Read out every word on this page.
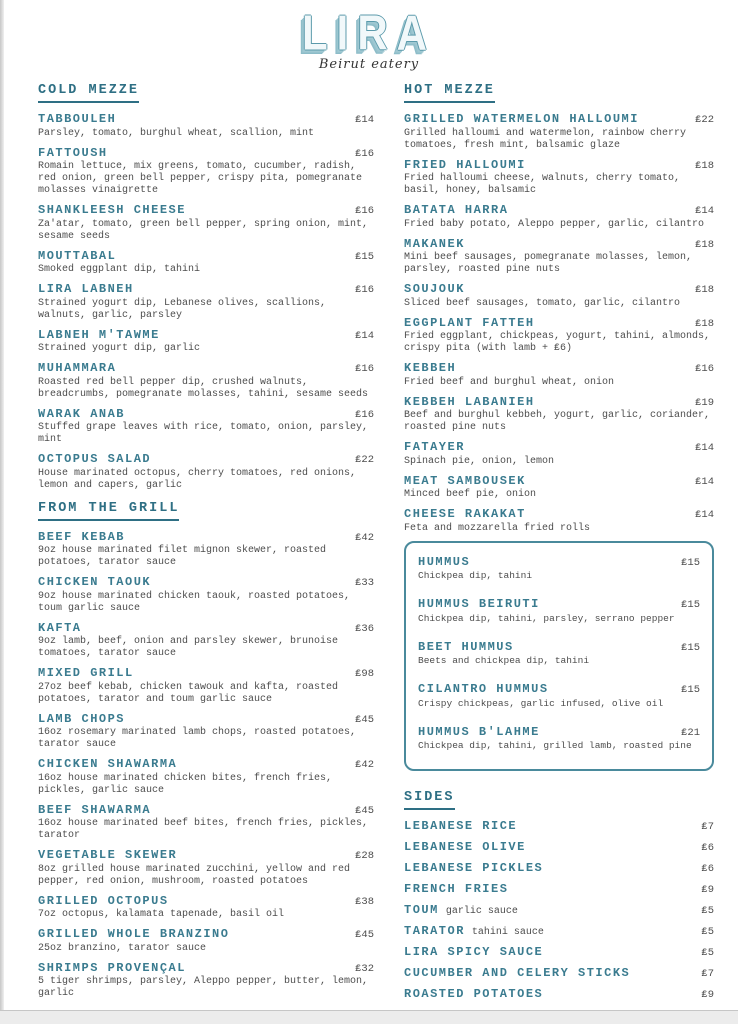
LIRA
Beirut eatery
COLD MEZZE
TABBOULEH	₤14
Parsley, tomato, burghul wheat, scallion, mint
FATTOUSH	₤16
Romain lettuce, mix greens, tomato, cucumber, radish, red onion, green bell pepper, crispy pita, pomegranate molasses vinaigrette
SHANKLEESH CHEESE	₤16
Za'atar, tomato, green bell pepper, spring onion, mint, sesame seeds
MOUTTABAL	₤15
Smoked eggplant dip, tahini
LIRA LABNEH	₤16
Strained yogurt dip, Lebanese olives, scallions, walnuts, garlic, parsley
LABNEH M'TAWME	₤14
Strained yogurt dip, garlic
MUHAMMARA	₤16
Roasted red bell pepper dip, crushed walnuts, breadcrumbs, pomegranate molasses, tahini, sesame seeds
WARAK ANAB	₤16
Stuffed grape leaves with rice, tomato, onion, parsley, mint
OCTOPUS SALAD	₤22
House marinated octopus, cherry tomatoes, red onions, lemon and capers, garlic
FROM THE GRILL
BEEF KEBAB	₤42
9oz house marinated filet mignon skewer, roasted potatoes, tarator sauce
CHICKEN TAOUK	₤33
9oz house marinated chicken taouk, roasted potatoes, toum garlic sauce
KAFTA	₤36
9oz lamb, beef, onion and parsley skewer, brunoise tomatoes, tarator sauce
MIXED GRILL	₤98
27oz beef kebab, chicken tawouk and kafta, roasted potatoes, tarator and toum garlic sauce
LAMB CHOPS	₤45
16oz rosemary marinated lamb chops, roasted potatoes, tarator sauce
CHICKEN SHAWARMA	₤42
16oz house marinated chicken bites, french fries, pickles, garlic sauce
BEEF SHAWARMA	₤45
16oz house marinated beef bites, french fries, pickles, tarator
VEGETABLE SKEWER	₤28
8oz grilled house marinated zucchini, yellow and red pepper, red onion, mushroom, roasted potatoes
GRILLED OCTOPUS	₤38
7oz octopus, kalamata tapenade, basil oil
GRILLED WHOLE BRANZINO	₤45
25oz branzino, tarator sauce
SHRIMPS PROVENÇAL	₤32
5 tiger shrimps, parsley, Aleppo pepper, butter, lemon, garlic
HOT MEZZE
GRILLED WATERMELON HALLOUMI	₤22
Grilled halloumi and watermelon, rainbow cherry tomatoes, fresh mint, balsamic glaze
FRIED HALLOUMI	₤18
Fried halloumi cheese, walnuts, cherry tomato, basil, honey, balsamic
BATATA HARRA	₤14
Fried baby potato, Aleppo pepper, garlic, cilantro
MAKANEK	₤18
Mini beef sausages, pomegranate molasses, lemon, parsley, roasted pine nuts
SOUJOUK	₤18
Sliced beef sausages, tomato, garlic, cilantro
EGGPLANT FATTEH	₤18
Fried eggplant, chickpeas, yogurt, tahini, almonds, crispy pita (with lamb + ₤6)
KEBBEH	₤16
Fried beef and burghul wheat, onion
KEBBEH LABANIEH	₤19
Beef and burghul kebbeh, yogurt, garlic, coriander, roasted pine nuts
FATAYER	₤14
Spinach pie, onion, lemon
MEAT SAMBOUSEK	₤14
Minced beef pie, onion
CHEESE RAKAKAT	₤14
Feta and mozzarella fried rolls
HUMMUS	₤15
Chickpea dip, tahini
HUMMUS BEIRUTI	₤15
Chickpea dip, tahini, parsley, serrano pepper
BEET HUMMUS	₤15
Beets and chickpea dip, tahini
CILANTRO HUMMUS	₤15
Crispy chickpeas, garlic infused, olive oil
HUMMUS B'LAHME	₤21
Chickpea dip, tahini, grilled lamb, roasted pine
SIDES
LEBANESE RICE	₤7
LEBANESE OLIVE	₤6
LEBANESE PICKLES	₤6
FRENCH FRIES	₤9
TOUM garlic sauce	₤5
TARATOR tahini sauce	₤5
LIRA SPICY SAUCE	₤5
CUCUMBER AND CELERY STICKS	₤7
ROASTED POTATOES	₤9
